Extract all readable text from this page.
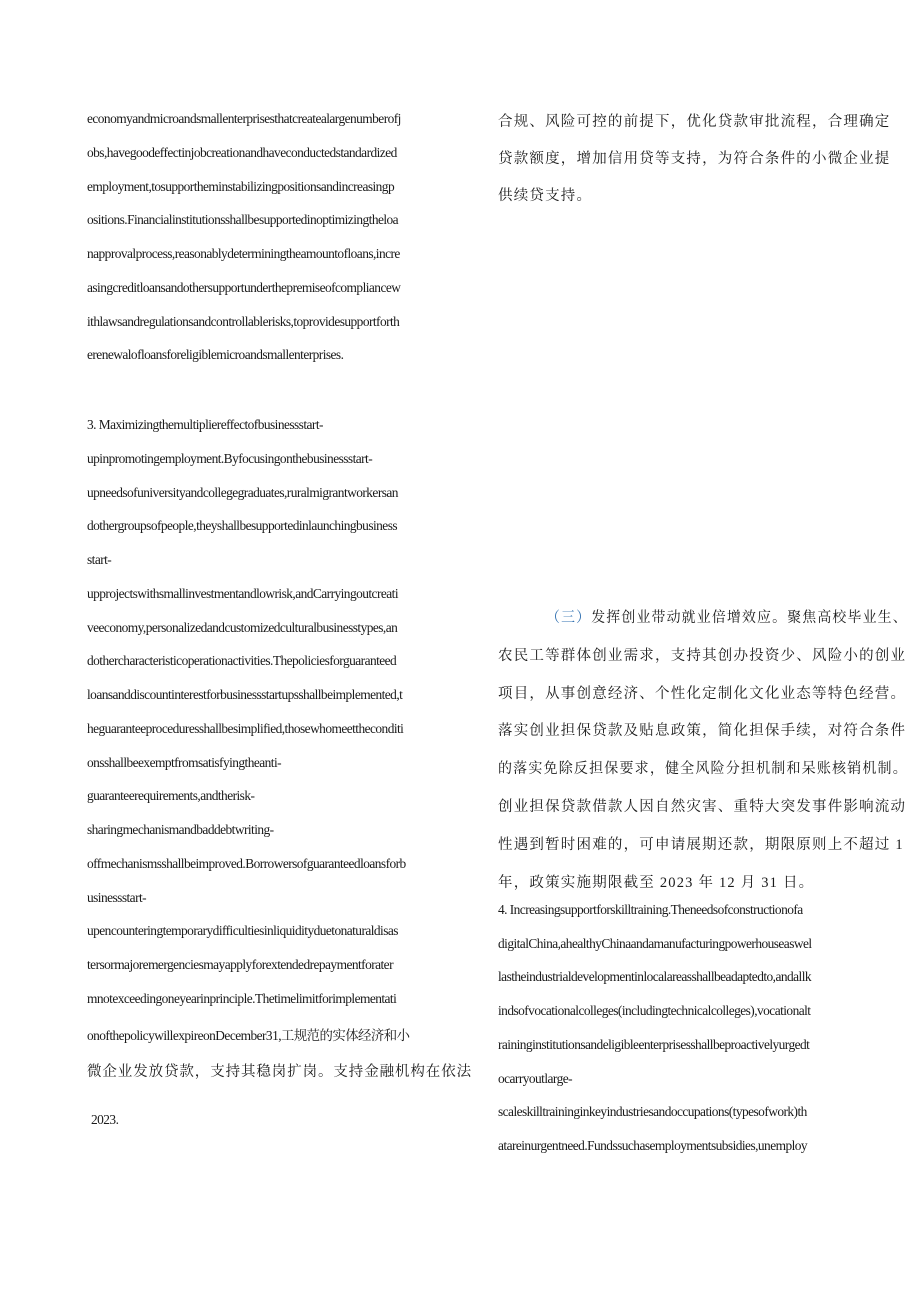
economyandmicroandsmallenterprisesthatcreatealargenumberofj
obs,havegoodeffectinjobcreationandhaveconductedstandardized
employment,tosupportheminstabilizingpositionsandincreasingp
ositions.Financialinstitutionsshallbesupportedinoptimizingtheloa
napprovalprocess,reasonablydeterminingtheamountofloans,incre
asingcreditloansandothersupportunderthepremiseofcompliancew
ithlawsandregulationsandcontrollablerisks,toprovidesupportforth
erenewalofloansforeligiblemicroandsmallenterprises.
3. Maximizingthemultipliereffectofbusinessstart-
upinpromotingemployment.Byfocusingonthebusinessstart-
upneedsofuniversityandcollegegraduates,ruralmigrantworkersan
dothergroupsofpeople,theyshallbesupportedinlaunchingbusiness
start-
upprojectswithsmallinvestmentandlowrisk,andCarryingoutcreati
veeconomy,personalizedandcustomizedculturalbusinesstypes,an
dothercharacteristicoperationactivities.Thepoliciesforguaranteed
loansanddiscountinterestforbusinessstartupsshallbeimplemented,t
heguaranteeproceduresshallbesimplified,thosewhomeettheconditi
onsshallbeexemptfromsatisfyingtheanti-
guaranteerequirements,andtherisk-
sharingmechanismandbaddebtwriting-
offmechanismsshallbeimproved.Borrowersofguaranteedloansforb
usinessstart-
upencounteringtemporarydifficultiesinliquidityduetonaturaldisas
tersormajoremergenciesmayapplyforextendedrepaymentforater
mnotexceedingoneyearinprinciple.Thetimelimitforimplementati
onofthepolicywillexpireonDecember31,工规范的实体经济和小
微企业发放贷款，支持其稳岗扩岗。支持金融机构在依法
2023.
合规、风险可控的前提下，优化贷款审批流程，合理确定
贷款额度，增加信用贷等支持，为符合条件的小微企业提
供续贷支持。
（三）发挥创业带动就业倍增效应。聚焦高校毕业生、
农民工等群体创业需求，支持其创办投资少、风险小的创业
项目，从事创意经济、个性化定制化文化业态等特色经营。
落实创业担保贷款及贴息政策，简化担保手续，对符合条件
的落实免除反担保要求，健全风险分担机制和呆账核销机制。
创业担保贷款借款人因自然灾害、重特大突发事件影响流动
性遇到暂时困难的，可申请展期还款，期限原则上不超过 1
年，政策实施期限截至 2023 年 12 月 31 日。
4. Increasingsupportforskilltraining.Theneedsofconstructionofa
digitalChina,ahealthyChinaandamanufacturingpowerhouseaswel
lastheindustrialdevelopmentinlocalareasshallbeadaptedto,andallk
indsofvocationalcolleges(includingtechnicalcolleges),vocationalt
raininginstitutionsandeligibleenterprisesshallbeproactivelyurgedt
ocarryoutlarge-
scaleskilltraininginkeyindustriesandoccupations(typesofwork)th
atareinurgentneed.Fundssuchasemploymentsubsidies,unemploy
